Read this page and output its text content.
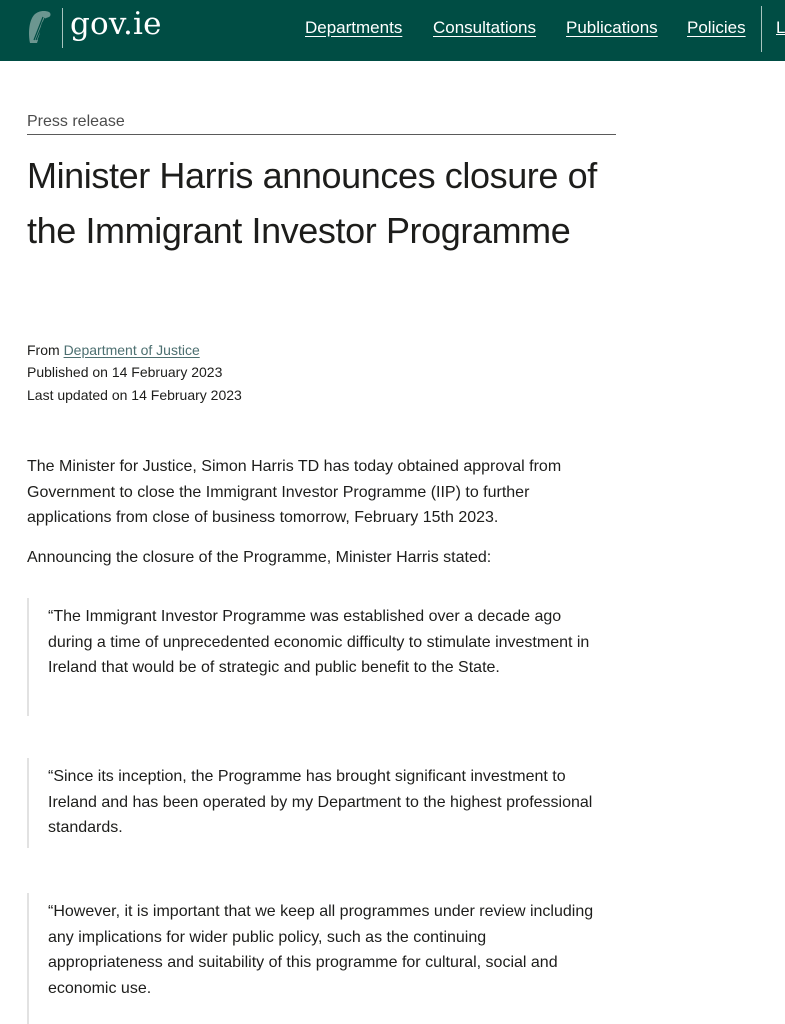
gov.ie	Departments Consultations Publications Policies L
Press release
Minister Harris announces closure of the Immigrant Investor Programme
From Department of Justice
Published on 14 February 2023
Last updated on 14 February 2023

The Minister for Justice, Simon Harris TD has today obtained approval from Government to close the Immigrant Investor Programme (IIP) to further applications from close of business tomorrow, February 15th 2023.

Announcing the closure of the Programme, Minister Harris stated:

“The Immigrant Investor Programme was established over a decade ago during a time of unprecedented economic difficulty to stimulate investment in Ireland that would be of strategic and public benefit to the State.

“Since its inception, the Programme has brought significant investment to Ireland and has been operated by my Department to the highest professional standards.

“However, it is important that we keep all programmes under review including any implications for wider public policy, such as the continuing appropriateness and suitability of this programme for cultural, social and economic use.
